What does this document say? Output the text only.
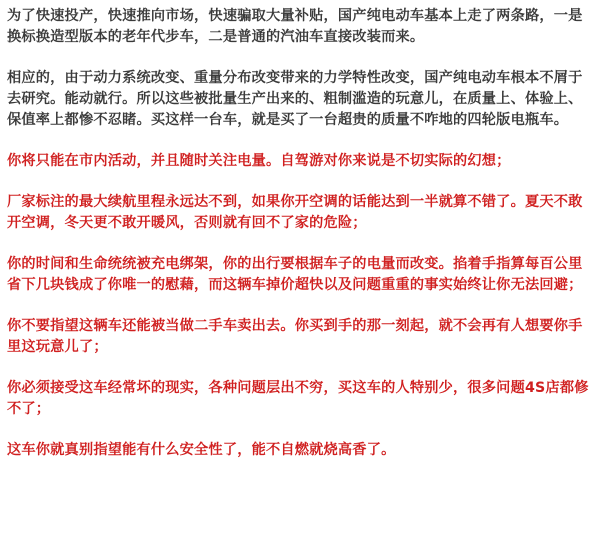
为了快速投产，快速推向市场，快速骗取大量补贴，国产纯电动车基本上走了两条路，一是换标换造型版本的老年代步车，二是普通的汽油车直接改装而来。

相应的，由于动力系统改变、重量分布改变带来的力学特性改变，国产纯电动车根本不屑于去研究。能动就行。所以这些被批量生产出来的、粗制滥造的玩意儿，在质量上、体验上、保值率上都惨不忍睹。买这样一台车，就是买了一台超贵的质量不咋地的四轮版电瓶车。

你将只能在市内活动，并且随时关注电量。自驾游对你来说是不切实际的幻想；

厂家标注的最大续航里程永远达不到，如果你开空调的话能达到一半就算不错了。夏天不敢开空调，冬天更不敢开暖风，否则就有回不了家的危险；

你的时间和生命统统被充电绑架，你的出行要根据车子的电量而改变。掐着手指算每百公里省下几块钱成了你唯一的慰藉，而这辆车掉价超快以及问题重重的事实始终让你无法回避；

你不要指望这辆车还能被当做二手车卖出去。你买到手的那一刻起，就不会再有人想要你手里这玩意儿了；

你必须接受这车经常坏的现实，各种问题层出不穷，买这车的人特别少，很多问题4S店都修不了；

这车你就真别指望能有什么安全性了，能不自燃就烧高香了。
